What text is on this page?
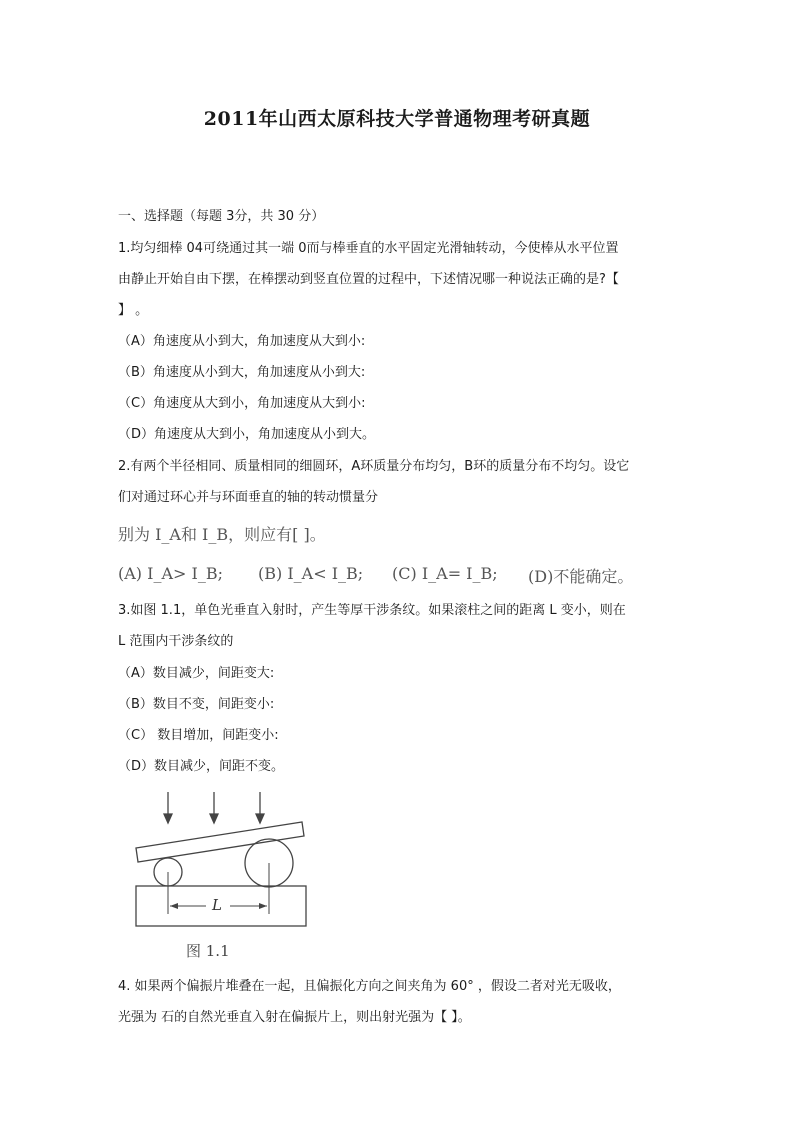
2011年山西太原科技大学普通物理考研真题
一、选择题（每题 3分，共 30 分）
1.均匀细棒 04可绕通过其一端 0而与棒垂直的水平固定光滑轴转动，今使棒从水平位置
由静止开始自由下摆，在棒摆动到竖直位置的过程中，下述情况哪一种说法正确的是?【
】 。
（A）角速度从小到大，角加速度从大到小:
（B）角速度从小到大，角加速度从小到大:
（C）角速度从大到小，角加速度从大到小:
（D）角速度从大到小，角加速度从小到大。
2.有两个半径相同、质量相同的细圆环，A环质量分布均匀，B环的质量分布不均匀。设它
们对通过环心并与环面垂直的轴的转动惯量分
别为 I_A和 I_B，则应有[ ]。
(A) I_A> I_B; (B) I_A< I_B; (C) I_A= I_B; (D)不能确定。
3.如图 1.1，单色光垂直入射时，产生等厚干涉条纹。如果滚柱之间的距离 L 变小，则在
L 范围内干涉条纹的
（A）数目减少，间距变大:
（B）数目不变，间距变小:
（C） 数目增加，间距变小:
（D）数目减少，间距不变。
L
图 1.1
4. 如果两个偏振片堆叠在一起，且偏振化方向之间夹角为 60° ，假设二者对光无吸收，
光强为 石的自然光垂直入射在偏振片上，则出射光强为【 】。
